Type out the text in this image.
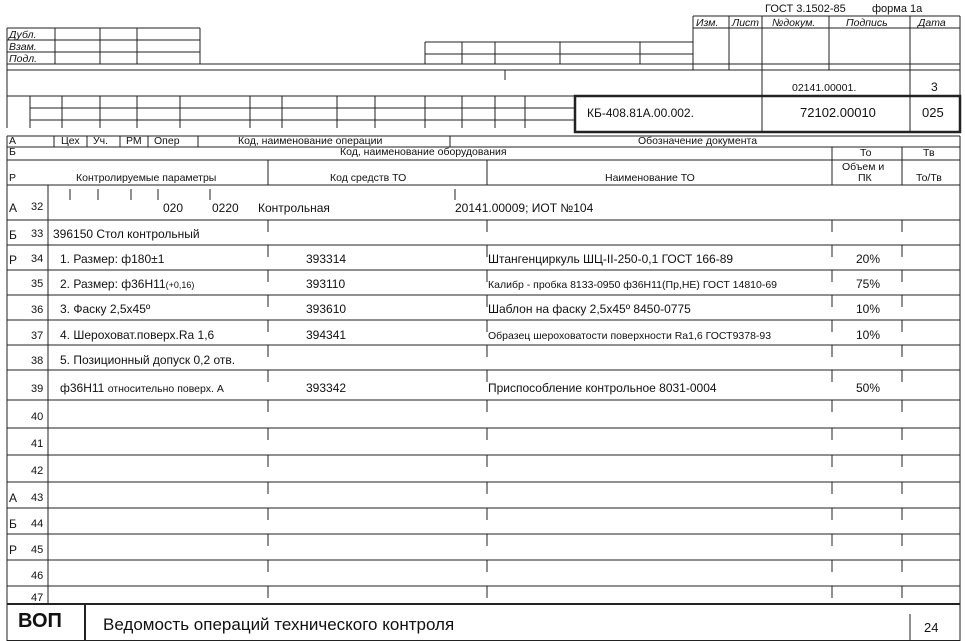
ГОСТ 3.1502-85 форма 1а
Изм. Лист №докум.	Подпись	Дата
Дубл.
Взам.
Подл.
02141.00001.	3
КБ-408.81А.00.002.	72102.00010	025
А	Цех Уч. РМ Опер	Код, наименование операции	Обозначение документа
Б	Код, наименование оборудования	То	Тв
Р	Контролируемые параметры	Код средств ТО	Наименование ТО
Объем и
ПК	То/Тв
А 32	020 0220 Контрольная	20141.00009; ИОТ №104
Б 33 396150 Стол контрольный
Р 34 1. Размер: ф180±1	393314	Штангенциркуль ШЦ-II-250-0,1 ГОСТ 166-89	20%
35 2. Размер: ф36Н11(+0,16)	393110	Калибр - пробка 8133-0950 ф36Н11(Пр,НЕ) ГОСТ 14810-69	75%
36 3. Фаску 2,5х45º	393610	Шаблон на фаску 2,5х45º 8450-0775	10%
37 4. Шероховат.поверх.Ra 1,6	394341	Образец шероховатости поверхности Ra1,6 ГОСТ9378-93	10%
38 5. Позиционный допуск 0,2 отв.
39 ф36Н11 относительно поверх. А	393342	Приспособление контрольное 8031-0004	50%
40
41
42
А 43
Б 44
Р 45
46
47
ВОП Ведомость операций технического контроля	24
